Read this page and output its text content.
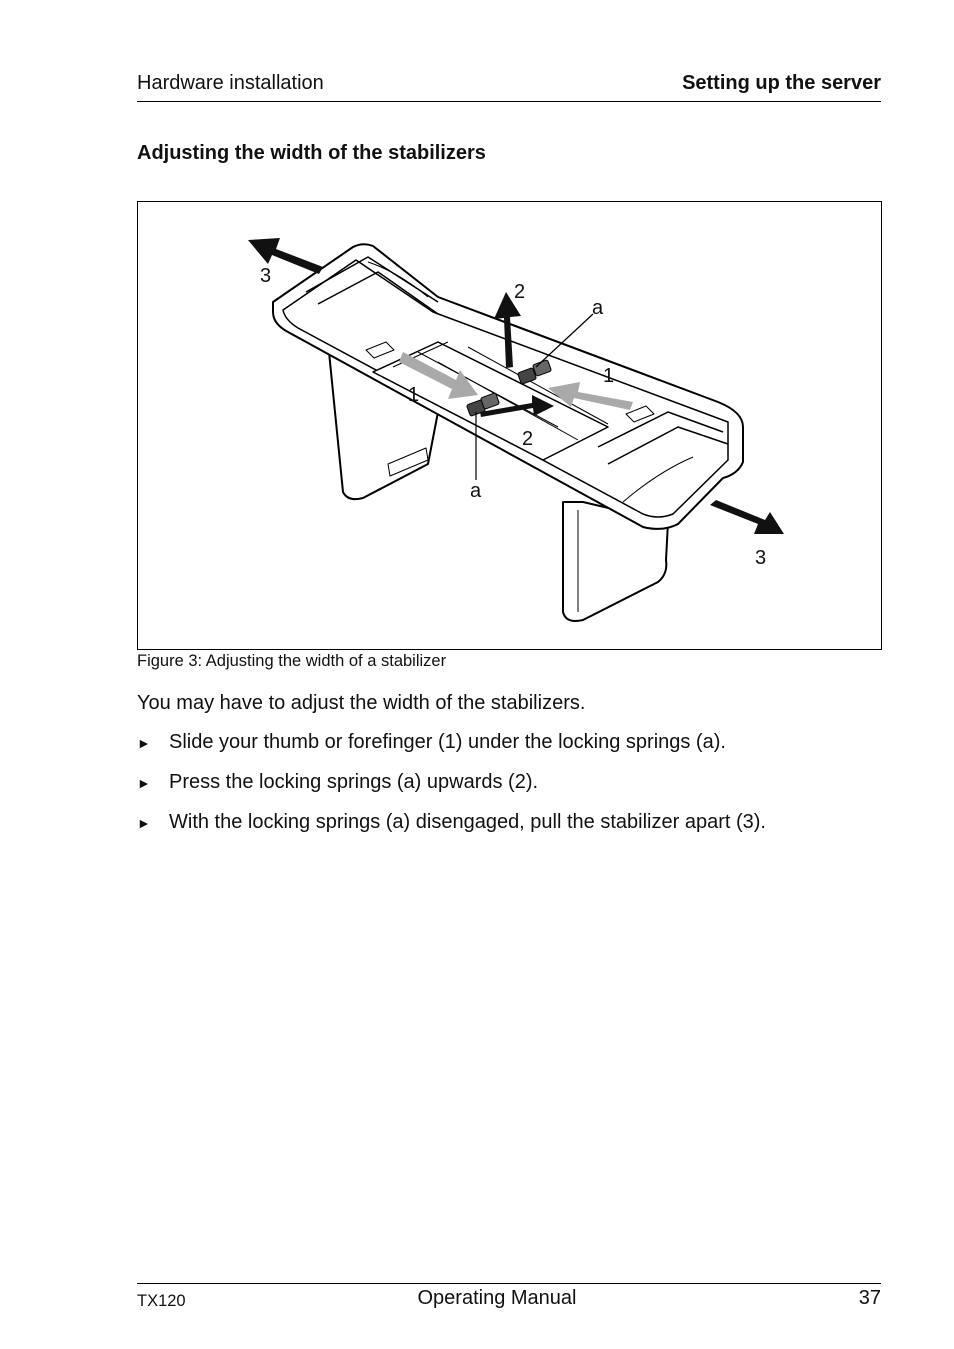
Hardware installation	Setting up the server
Adjusting the width of the stabilizers
3
2
a
1
1
2
a
3
Figure 3: Adjusting the width of a stabilizer
You may have to adjust the width of the stabilizers.
► Slide your thumb or forefinger (1) under the locking springs (a).
► Press the locking springs (a) upwards (2).
► With the locking springs (a) disengaged, pull the stabilizer apart (3).
TX120	Operating Manual	37
